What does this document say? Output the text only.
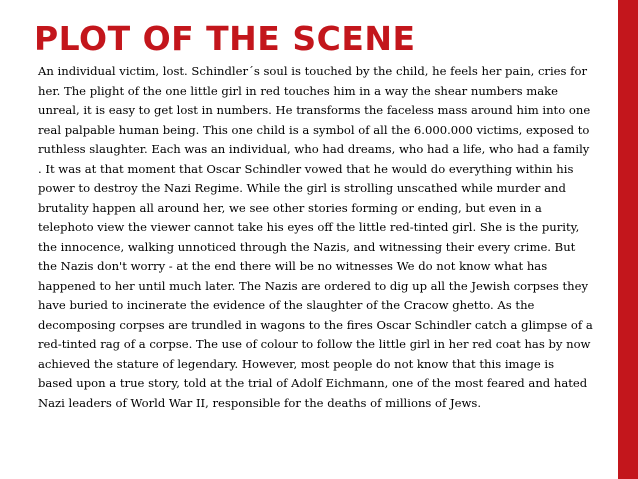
PLOT OF THE SCENE

An individual victim, lost. Schindler´s soul is touched by the child, he feels her pain, cries for

her. The plight of the one little girl in red touches him in a way the shear numbers make

unreal, it is easy to get lost in numbers. He transforms the faceless mass around him into one

real palpable human being. This one child is a symbol of all the 6.000.000 victims, exposed to

ruthless slaughter. Each was an individual, who had dreams, who had a life, who had a family

. It was at that moment that Oscar Schindler vowed that he would do everything within his

power to destroy the Nazi Regime. While the girl is strolling unscathed while murder and

brutality happen all around her, we see other stories forming or ending, but even in a

telephoto view the viewer cannot take his eyes off the little red-tinted girl. She is the purity,

the innocence, walking unnoticed through the Nazis, and witnessing their every crime. But

the Nazis don't worry - at the end there will be no witnesses We do not know what has

happened to her until much later. The Nazis are ordered to dig up all the Jewish corpses they

have buried to incinerate the evidence of the slaughter of the Cracow ghetto. As the

decomposing corpses are trundled in wagons to the fires Oscar Schindler catch a glimpse of a

red-tinted rag of a corpse. The use of colour to follow the little girl in her red coat has by now

achieved the stature of legendary. However, most people do not know that this image is

based upon a true story, told at the trial of Adolf Eichmann, one of the most feared and hated

Nazi leaders of World War II, responsible for the deaths of millions of Jews.
